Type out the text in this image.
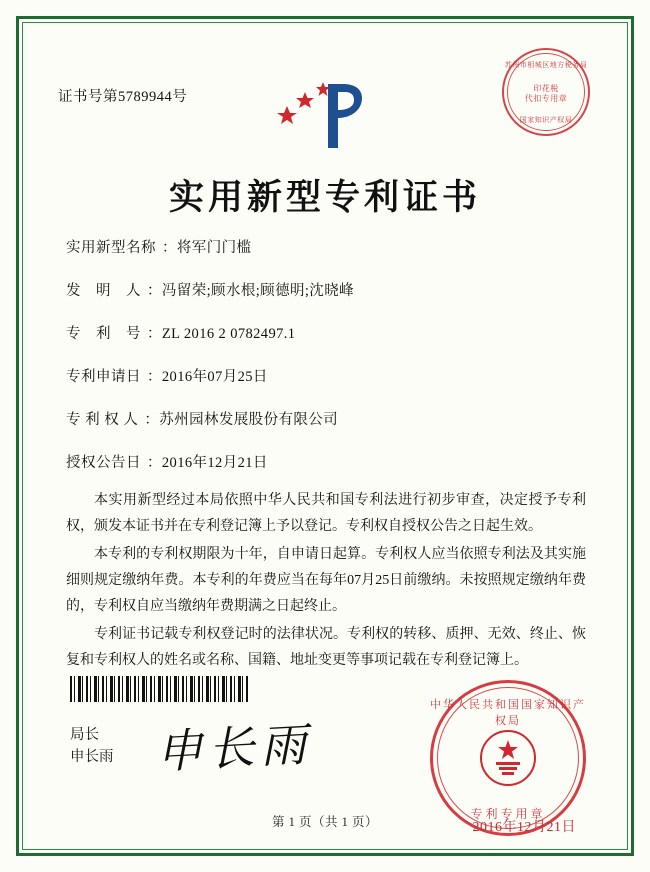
证书号第5789944号
苏州市相城区地方税务局
印花税
代扣专用章
国家知识产权局
实用新型专利证书
实用新型名称 ：将军门门槛
发　明　人 ：冯留荣;顾水根;顾德明;沈晓峰
专　利　号 ：ZL 2016 2 0782497.1
专利申请日 ：2016年07月25日
专 利 权 人 ：苏州园林发展股份有限公司
授权公告日 ：2016年12月21日

本实用新型经过本局依照中华人民共和国专利法进行初步审查，决定授予专利权，颁发本证书并在专利登记簿上予以登记。专利权自授权公告之日起生效。

本专利的专利权期限为十年，自申请日起算。专利权人应当依照专利法及其实施细则规定缴纳年费。本专利的年费应当在每年07月25日前缴纳。未按照规定缴纳年费的，专利权自应当缴纳年费期满之日起终止。

专利证书记载专利权登记时的法律状况。专利权的转移、质押、无效、终止、恢复和专利权人的姓名或名称、国籍、地址变更等事项记载在专利登记簿上。

局长
申长雨 申长雨
中华人民共和国国家知识产权局
专利专用章
2016年12月21日
第 1 页（共 1 页）
